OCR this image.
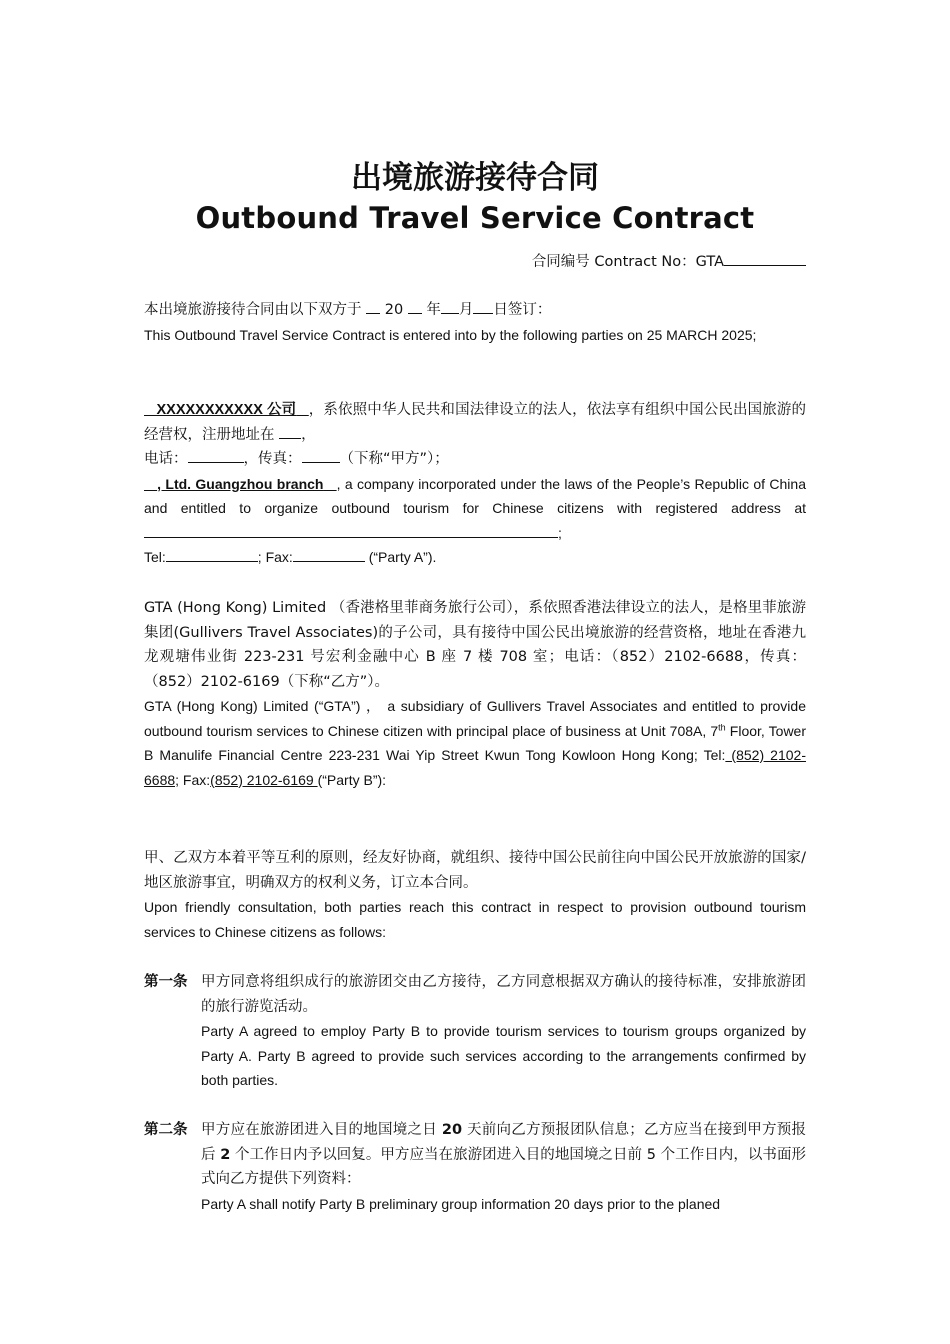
出境旅游接待合同
Outbound Travel Service Contract
合同编号 Contract No：GTA

本出境旅游接待合同由以下双方于 20 年 月 日签订：

This Outbound Travel Service Contract is entered into by the following parties on 25 MARCH 2025;

XXXXXXXXXXX 公司 ，系依照中华人民共和国法律设立的法人，依法享有组织中国公民出国旅游的经营权，注册地址在 ，

电话：	，传真：	（下称“甲方”）；

, Ltd. Guangzhou branch , a company incorporated under the laws of the People’s Republic of China and entitled to organize outbound tourism for Chinese citizens with registered address at ;

Tel:	; Fax:	(“Party A”).

GTA (Hong Kong) Limited （香港格里菲商务旅行公司），系依照香港法律设立的法人，是格里菲旅游集团(Gullivers Travel Associates)的子公司，具有接待中国公民出境旅游的经营资格，地址在香港九龙观塘伟业街 223-231 号宏利金融中心 B 座 7 楼 708 室；电话：（852）2102-6688，传真：（852）2102-6169（下称“乙方”）。

GTA (Hong Kong) Limited (“GTA”) ， a subsidiary of Gullivers Travel Associates and entitled to provide outbound tourism services to Chinese citizen with principal place of business at Unit 708A, 7th Floor, Tower B Manulife Financial Centre 223-231 Wai Yip Street Kwun Tong Kowloon Hong Kong; Tel: (852) 2102-6688; Fax:(852) 2102-6169 (“Party B”):

甲、乙双方本着平等互利的原则，经友好协商，就组织、接待中国公民前往向中国公民开放旅游的国家/地区旅游事宜，明确双方的权利义务，订立本合同。

Upon friendly consultation, both parties reach this contract in respect to provision outbound tourism services to Chinese citizens as follows:

第一条 甲方同意将组织成行的旅游团交由乙方接待，乙方同意根据双方确认的接待标准，安排旅游团的旅行游览活动。

Party A agreed to employ Party B to provide tourism services to tourism groups organized by Party A. Party B agreed to provide such services according to the arrangements confirmed by both parties.

第二条 甲方应在旅游团进入目的地国境之日 20 天前向乙方预报团队信息；乙方应当在接到甲方预报后 2 个工作日内予以回复。甲方应当在旅游团进入目的地国境之日前 5 个工作日内，以书面形式向乙方提供下列资料：

Party A shall notify Party B preliminary group information 20 days prior to the planed
